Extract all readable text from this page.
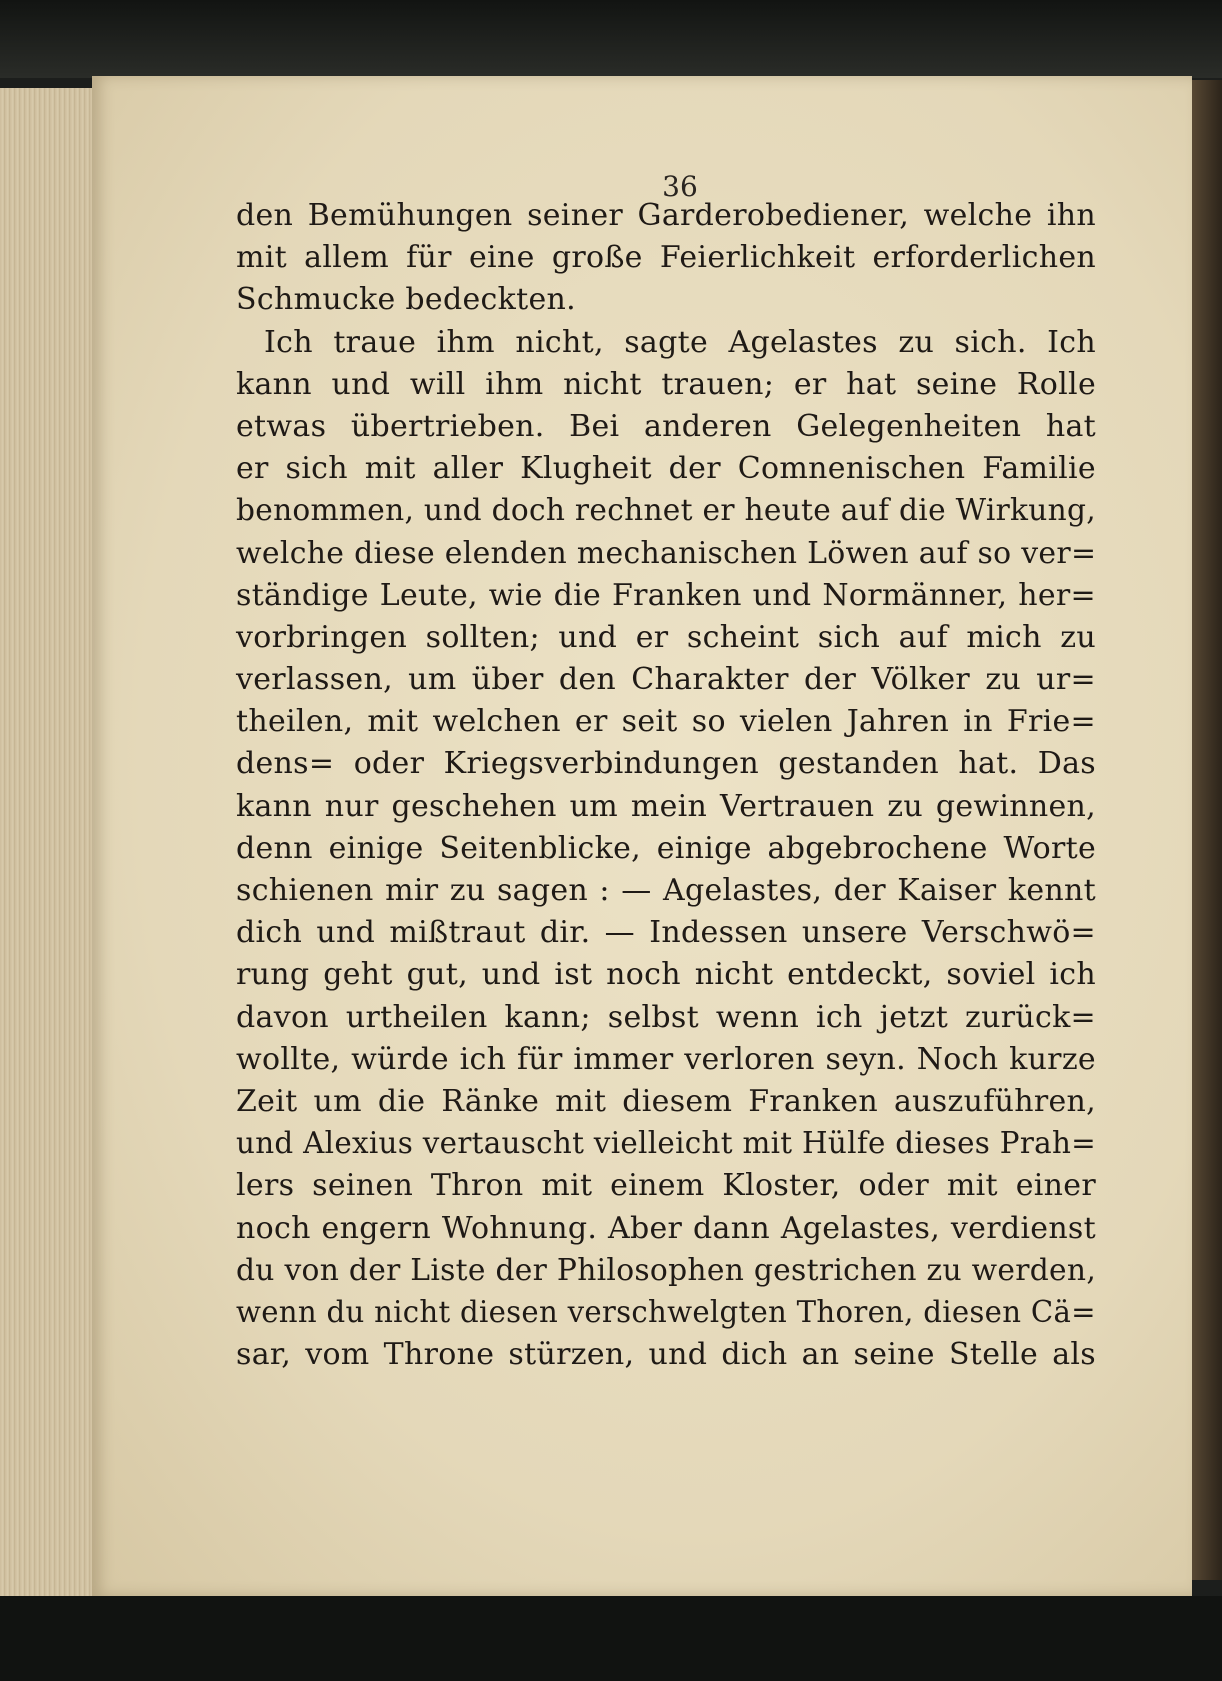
36
den Bemühungen seiner Garderobediener, welche ihn
mit allem für eine große Feierlichkeit erforderlichen
Schmucke bedeckten.
Ich traue ihm nicht, sagte Agelastes zu sich. Ich
kann und will ihm nicht trauen; er hat seine Rolle
etwas übertrieben. Bei anderen Gelegenheiten hat
er sich mit aller Klugheit der Comnenischen Familie
benommen, und doch rechnet er heute auf die Wirkung,
welche diese elenden mechanischen Löwen auf so ver=
ständige Leute, wie die Franken und Normänner, her=
vorbringen sollten; und er scheint sich auf mich zu
verlassen, um über den Charakter der Völker zu ur=
theilen, mit welchen er seit so vielen Jahren in Frie=
dens= oder Kriegsverbindungen gestanden hat. Das
kann nur geschehen um mein Vertrauen zu gewinnen,
denn einige Seitenblicke, einige abgebrochene Worte
schienen mir zu sagen : — Agelastes, der Kaiser kennt
dich und mißtraut dir. — Indessen unsere Verschwö=
rung geht gut, und ist noch nicht entdeckt, soviel ich
davon urtheilen kann; selbst wenn ich jetzt zurück=
wollte, würde ich für immer verloren seyn. Noch kurze
Zeit um die Ränke mit diesem Franken auszuführen,
und Alexius vertauscht vielleicht mit Hülfe dieses Prah=
lers seinen Thron mit einem Kloster, oder mit einer
noch engern Wohnung. Aber dann Agelastes, verdienst
du von der Liste der Philosophen gestrichen zu werden,
wenn du nicht diesen verschwelgten Thoren, diesen Cä=
sar, vom Throne stürzen, und dich an seine Stelle als
